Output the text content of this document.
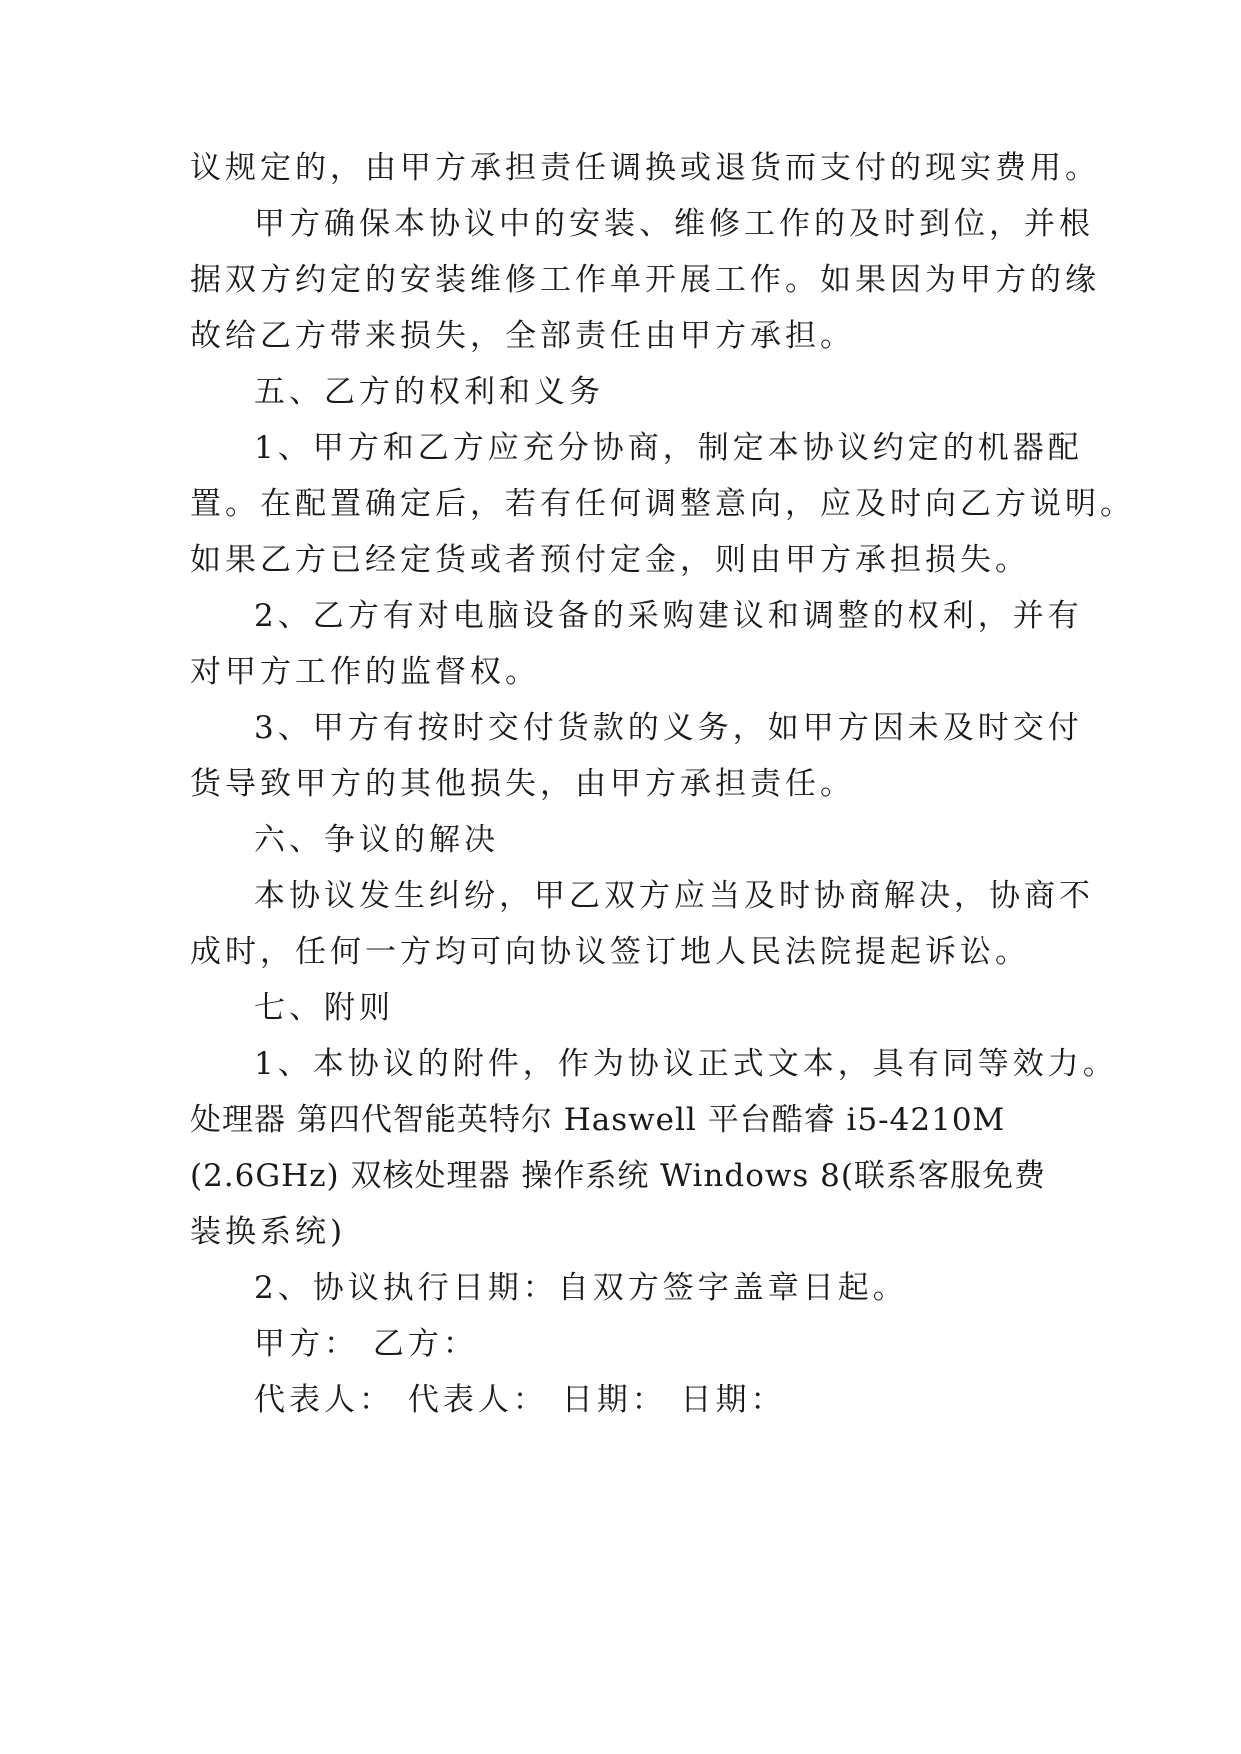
议规定的，由甲方承担责任调换或退货而支付的现实费用。
甲方确保本协议中的安装、维修工作的及时到位，并根
据双方约定的安装维修工作单开展工作。如果因为甲方的缘
故给乙方带来损失，全部责任由甲方承担。
五、乙方的权利和义务
1、甲方和乙方应充分协商，制定本协议约定的机器配
置。在配置确定后，若有任何调整意向，应及时向乙方说明。
如果乙方已经定货或者预付定金，则由甲方承担损失。
2、乙方有对电脑设备的采购建议和调整的权利，并有
对甲方工作的监督权。
3、甲方有按时交付货款的义务，如甲方因未及时交付
货导致甲方的其他损失，由甲方承担责任。
六、争议的解决
本协议发生纠纷，甲乙双方应当及时协商解决，协商不
成时，任何一方均可向协议签订地人民法院提起诉讼。
七、附则
1、本协议的附件，作为协议正式文本，具有同等效力。
处理器 第四代智能英特尔 Haswell 平台酷睿 i5-4210M
(2.6GHz) 双核处理器 操作系统 Windows 8(联系客服免费
装换系统)
2、协议执行日期：自双方签字盖章日起。
甲方： 乙方：
代表人： 代表人： 日期： 日期：
